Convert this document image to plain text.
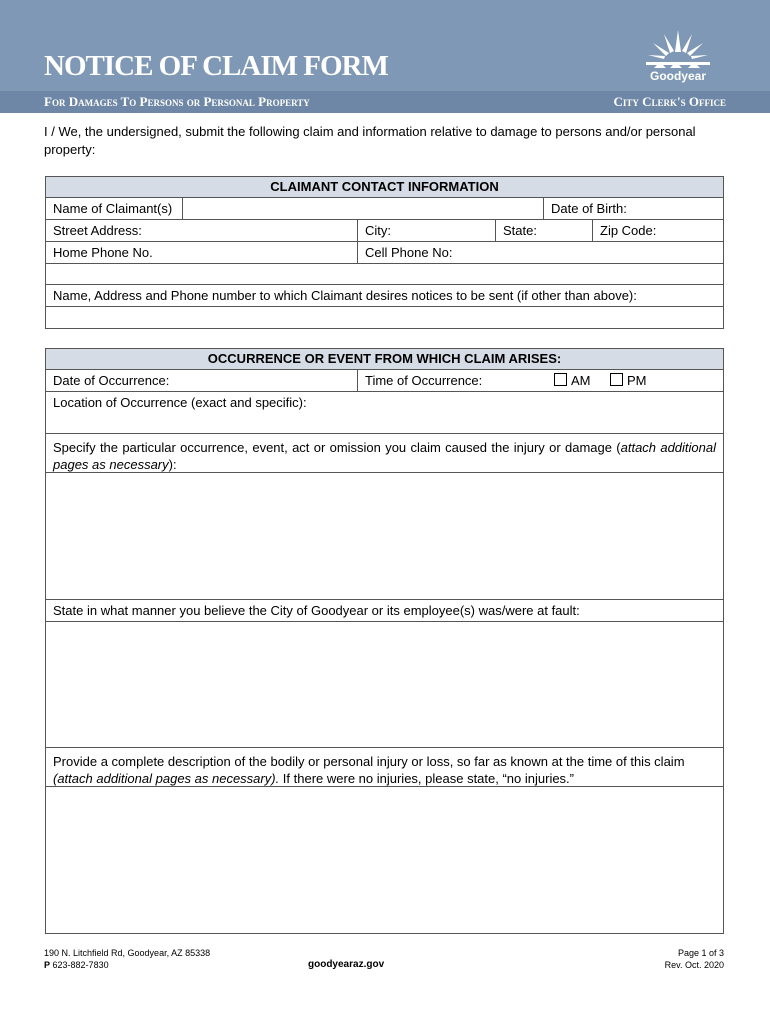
NOTICE OF CLAIM FORM
For Damages To Persons or Personal Property	City Clerk's Office
Goodyear
I / We, the undersigned, submit the following claim and information relative to damage to persons and/or personal property:
CLAIMANT CONTACT INFORMATION
Name of Claimant(s)	Date of Birth:
Street Address:	City:	State:	Zip Code:
Home Phone No.	Cell Phone No:
Name, Address and Phone number to which Claimant desires notices to be sent (if other than above):
OCCURRENCE OR EVENT FROM WHICH CLAIM ARISES:
Date of Occurrence:	Time of Occurrence:	AM	PM
Location of Occurrence (exact and specific):
Specify the particular occurrence, event, act or omission you claim caused the injury or damage (attach additional pages as necessary):
State in what manner you believe the City of Goodyear or its employee(s) was/were at fault:
Provide a complete description of the bodily or personal injury or loss, so far as known at the time of this claim (attach additional pages as necessary). If there were no injuries, please state, “no injuries.”
190 N. Litchfield Rd, Goodyear, AZ 85338
P 623-882-7830	goodyearaz.gov
Page 1 of 3
Rev. Oct. 2020
